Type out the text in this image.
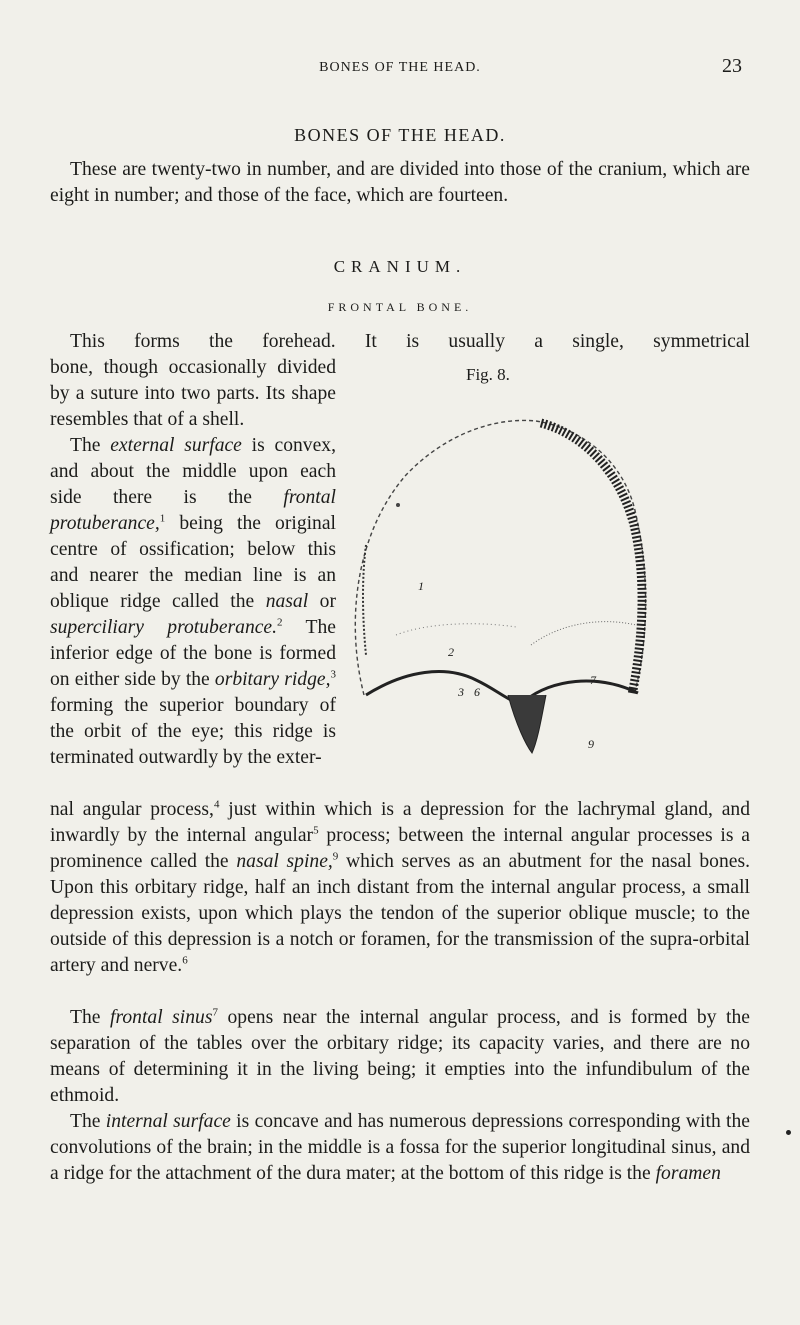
BONES OF THE HEAD.	23
BONES OF THE HEAD.

These are twenty-two in number, and are divided into those of the cranium, which are eight in number; and those of the face, which are fourteen.

CRANIUM.
FRONTAL BONE.
This forms the forehead. It is usually a single, symmetrical

bone, though occasionally divided by a suture into two parts. Its shape resembles that of a shell.

The external surface is convex, and about the middle upon each side there is the frontal protuberance,$^1$ being the original centre of ossification; below this and nearer the median line is an oblique ridge called the nasal or superciliary protuberance.$^2$ The inferior edge of the bone is formed on either side by the orbitary ridge,$^3$ forming the superior boundary of the orbit of the eye; this ridge is terminated outwardly by the exter-

Fig. 8.
1
2
3 6
7
9

nal angular process,$^4$ just within which is a depression for the lachrymal gland, and inwardly by the internal angular$^5$ process; between the internal angular processes is a prominence called the nasal spine,$^9$ which serves as an abutment for the nasal bones. Upon this orbitary ridge, half an inch distant from the internal angular process, a small depression exists, upon which plays the tendon of the superior oblique muscle; to the outside of this depression is a notch or foramen, for the transmission of the supra-orbital artery and nerve.$^6$

The frontal sinus$^7$ opens near the internal angular process, and is formed by the separation of the tables over the orbitary ridge; its capacity varies, and there are no means of determining it in the living being; it empties into the infundibulum of the ethmoid.

The internal surface is concave and has numerous depressions corresponding with the convolutions of the brain; in the middle is a fossa for the superior longitudinal sinus, and a ridge for the attachment of the dura mater; at the bottom of this ridge is the foramen
